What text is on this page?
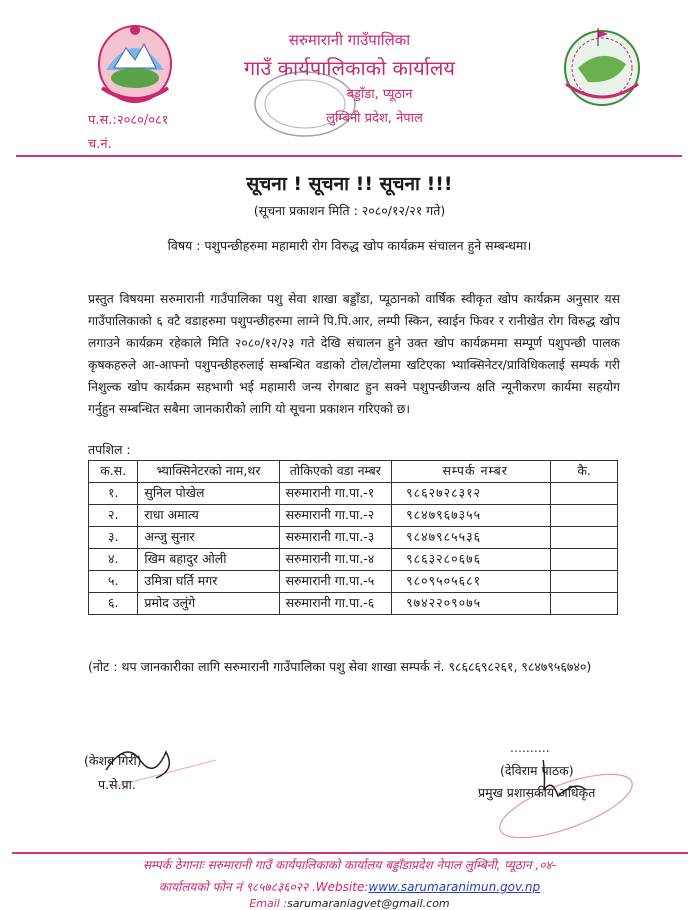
सरुमारानी गाउँपालिका
गाउँ कार्यपालिकाको कार्यालय
बड्डाँडा, प्यूठान
लुम्बिनी प्रदेश, नेपाल
प.स.:२०८०/०८१
च.नं.
सूचना ! सूचना !! सूचना !!!
(सूचना प्रकाशन मिति : २०८०/१२/२१ गते)
विषय : पशुपन्छीहरुमा महामारी रोग विरुद्ध खोप कार्यक्रम संचालन हुने सम्बन्धमा।
प्रस्तुत विषयमा सरुमारानी गाउँपालिका पशु सेवा शाखा बड्डाँडा, प्यूठानको वार्षिक स्वीकृत खोप कार्यक्रम अनुसार यस गाउँपालिकाको ६ वटै वडाहरुमा पशुपन्छीहरुमा लाग्ने पि.पि.आर, लम्पी स्किन, स्वाईन फिवर र रानीखेत रोग विरुद्ध खोप लगाउने कार्यक्रम रहेकाले मिति २०८०/१२/२३ गते देखि संचालन हुने उक्त खोप कार्यक्रममा सम्पूर्ण पशुपन्छी पालक कृषकहरुले आ-आफ्नो पशुपन्छीहरुलाई सम्बन्धित वडाको टोल/टोलमा खटिएका भ्याक्सिनेटर/प्राविधिकलाई सम्पर्क गरी निशुल्क खोप कार्यक्रम सहभागी भई महामारी जन्य रोगबाट हुन सक्ने पशुपन्छीजन्य क्षति न्यूनीकरण कार्यमा सहयोग गर्नुहुन सम्बन्धित सबैमा जानकारीको लागि यो सूचना प्रकाशन गरिएको छ।
तपशिल :
क.स.	भ्याक्सिनेटरको नाम,थर	तोकिएको वडा नम्बर	सम्पर्क नम्बर	कै.
१.	सुनिल पोखेल	सरुमारानी गा.पा.-१	९८६२७२८३१२	
२.	राधा अमात्य	सरुमारानी गा.पा.-२	९८४७९६७३५५	
३.	अन्जु सुनार	सरुमारानी गा.पा.-३	९८४७९८५५३६	
४.	खिम बहादुर ओली	सरुमारानी गा.पा.-४	९८६३२८०६७६	
५.	उमित्रा घर्ति मगर	सरुमारानी गा.पा.-५	९८०९५०५६८१	
६.	प्रमोद उलुंगे	सरुमारानी गा.पा.-६	९७४२२०९०७५	
(नोट : थप जानकारीका लागि सरुमारानी गाउँपालिका पशु सेवा शाखा सम्पर्क नं. ९८६८६९८२६१, ९८४७९५६७४०)
(केशब गिरी)
प.से.प्रा.
..........
(देविराम पाठक)
प्रमुख प्रशासकीय अधिकृत
सम्पर्क ठेगानाः सरुमारानी गाउँ कार्यपालिकाको कार्यालय बड्डाँडाप्रदेश नेपाल लुम्बिनी, प्यूठान ,०४-
कार्यालयको फोन नं ९८५७८३६०२२ .Website:www.sarumaranimun.gov.np
Email :sarumaraniagvet@gmail.com
